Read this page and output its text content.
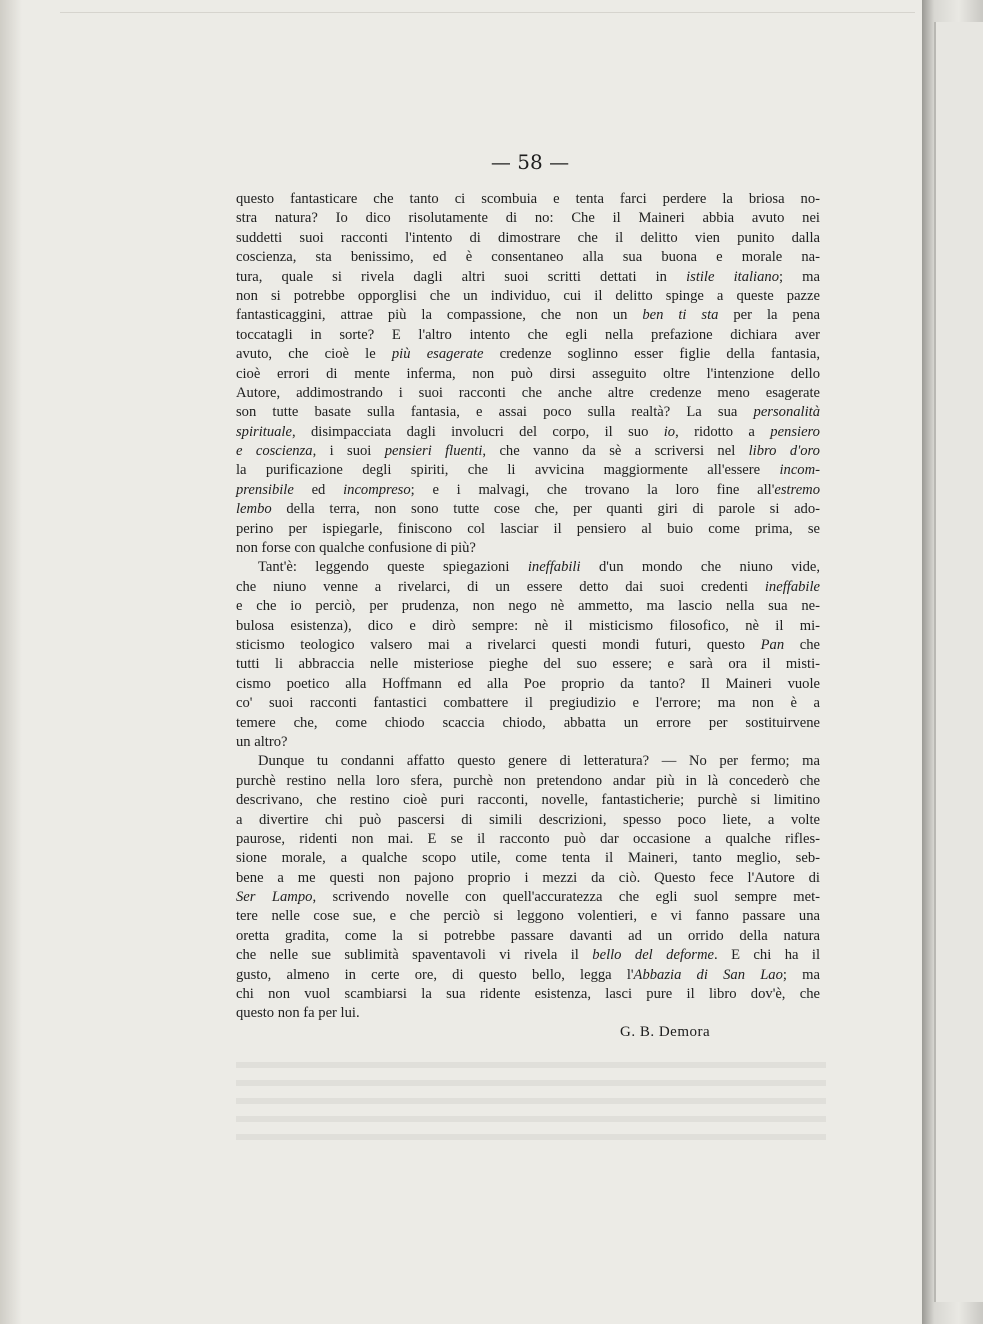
— 58 —
questo fantasticare che tanto ci scombuia e tenta farci perdere la briosa no-
stra natura? Io dico risolutamente di no: Che il Maineri abbia avuto nei
suddetti suoi racconti l'intento di dimostrare che il delitto vien punito dalla
coscienza, sta benissimo, ed è consentaneo alla sua buona e morale na-
tura, quale si rivela dagli altri suoi scritti dettati in istile italiano; ma
non si potrebbe opporglisi che un individuo, cui il delitto spinge a queste pazze
fantasticaggini, attrae più la compassione, che non un ben ti sta per la pena
toccatagli in sorte? E l'altro intento che egli nella prefazione dichiara aver
avuto, che cioè le più esagerate credenze soglinno esser figlie della fantasia,
cioè errori di mente inferma, non può dirsi asseguito oltre l'intenzione dello
Autore, addimostrando i suoi racconti che anche altre credenze meno esagerate
son tutte basate sulla fantasia, e assai poco sulla realtà? La sua personalità
spirituale, disimpacciata dagli involucri del corpo, il suo io, ridotto a pensiero
e coscienza, i suoi pensieri fluenti, che vanno da sè a scriversi nel libro d'oro
la purificazione degli spiriti, che li avvicina maggiormente all'essere incom-
prensibile ed incompreso; e i malvagi, che trovano la loro fine all'estremo
lembo della terra, non sono tutte cose che, per quanti giri di parole si ado-
perino per ispiegarle, finiscono col lasciar il pensiero al buio come prima, se
non forse con qualche confusione di più?
Tant'è: leggendo queste spiegazioni ineffabili d'un mondo che niuno vide,
che niuno venne a rivelarci, di un essere detto dai suoi credenti ineffabile
e che io perciò, per prudenza, non nego nè ammetto, ma lascio nella sua ne-
bulosa esistenza), dico e dirò sempre: nè il misticismo filosofico, nè il mi-
sticismo teologico valsero mai a rivelarci questi mondi futuri, questo Pan che
tutti li abbraccia nelle misteriose pieghe del suo essere; e sarà ora il misti-
cismo poetico alla Hoffmann ed alla Poe proprio da tanto? Il Maineri vuole
co' suoi racconti fantastici combattere il pregiudizio e l'errore; ma non è a
temere che, come chiodo scaccia chiodo, abbatta un errore per sostituirvene
un altro?
Dunque tu condanni affatto questo genere di letteratura? — No per fermo; ma
purchè restino nella loro sfera, purchè non pretendono andar più in là concederò che
descrivano, che restino cioè puri racconti, novelle, fantasticherie; purchè si limitino
a divertire chi può pascersi di simili descrizioni, spesso poco liete, a volte
paurose, ridenti non mai. E se il racconto può dar occasione a qualche rifles-
sione morale, a qualche scopo utile, come tenta il Maineri, tanto meglio, seb-
bene a me questi non pajono proprio i mezzi da ciò. Questo fece l'Autore di
Ser Lampo, scrivendo novelle con quell'accuratezza che egli suol sempre met-
tere nelle cose sue, e che perciò si leggono volentieri, e vi fanno passare una
oretta gradita, come la si potrebbe passare davanti ad un orrido della natura
che nelle sue sublimità spaventavoli vi rivela il bello del deforme. E chi ha il
gusto, almeno in certe ore, di questo bello, legga l'Abbazia di San Lao; ma
chi non vuol scambiarsi la sua ridente esistenza, lasci pure il libro dov'è, che
questo non fa per lui.
G. B. Demora
